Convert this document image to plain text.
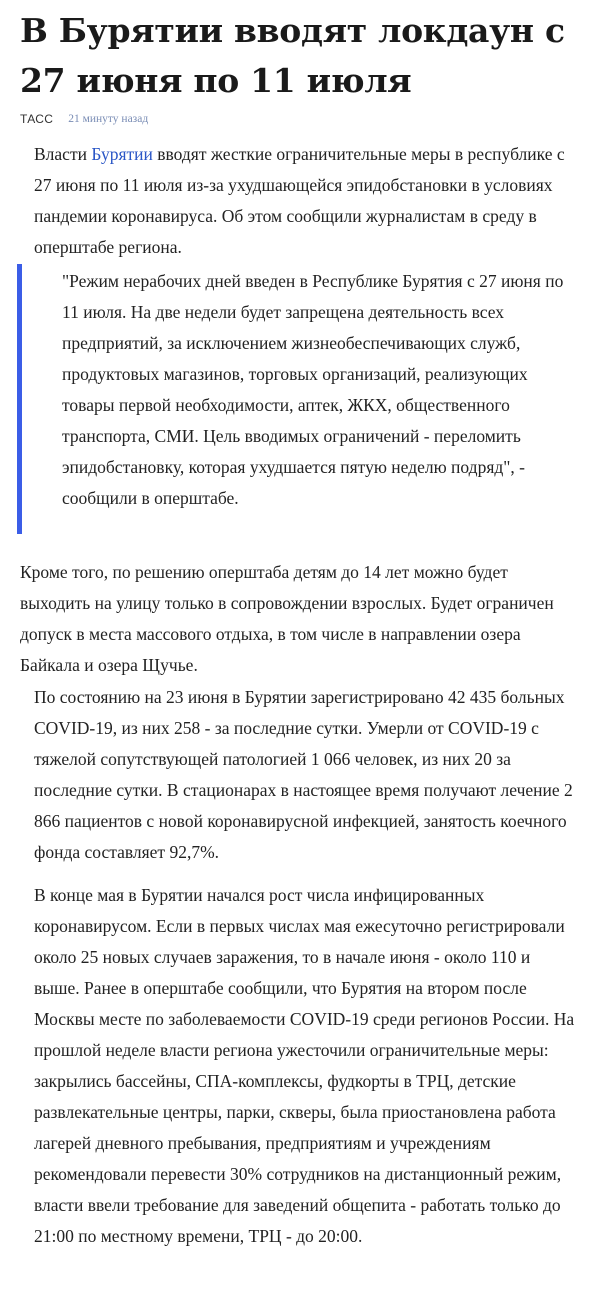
В Бурятии вводят локдаун с 27 июня по 11 июля
ТАСС 21 минуту назад

Власти Бурятии вводят жесткие ограничительные меры в республике с 27 июня по 11 июля из-за ухудшающейся эпидобстановки в условиях пандемии коронавируса. Об этом сообщили журналистам в среду в оперштабе региона.

"Режим нерабочих дней введен в Республике Бурятия с 27 июня по 11 июля. На две недели будет запрещена деятельность всех предприятий, за исключением жизнеобеспечивающих служб, продуктовых магазинов, торговых организаций, реализующих товары первой необходимости, аптек, ЖКХ, общественного транспорта, СМИ. Цель вводимых ограничений - переломить эпидобстановку, которая ухудшается пятую неделю подряд", - сообщили в оперштабе.

Кроме того, по решению оперштаба детям до 14 лет можно будет выходить на улицу только в сопровождении взрослых. Будет ограничен допуск в места массового отдыха, в том числе в направлении озера Байкала и озера Щучье.

По состоянию на 23 июня в Бурятии зарегистрировано 42 435 больных COVID-19, из них 258 - за последние сутки. Умерли от COVID-19 с тяжелой сопутствующей патологией 1 066 человек, из них 20 за последние сутки. В стационарах в настоящее время получают лечение 2 866 пациентов с новой коронавирусной инфекцией, занятость коечного фонда составляет 92,7%.

В конце мая в Бурятии начался рост числа инфицированных коронавирусом. Если в первых числах мая ежесуточно регистрировали около 25 новых случаев заражения, то в начале июня - около 110 и выше. Ранее в оперштабе сообщили, что Бурятия на втором после Москвы месте по заболеваемости COVID-19 среди регионов России. На прошлой неделе власти региона ужесточили ограничительные меры: закрылись бассейны, СПА-комплексы, фудкорты в ТРЦ, детские развлекательные центры, парки, скверы, была приостановлена работа лагерей дневного пребывания, предприятиям и учреждениям рекомендовали перевести 30% сотрудников на дистанционный режим, власти ввели требование для заведений общепита - работать только до 21:00 по местному времени, ТРЦ - до 20:00.
